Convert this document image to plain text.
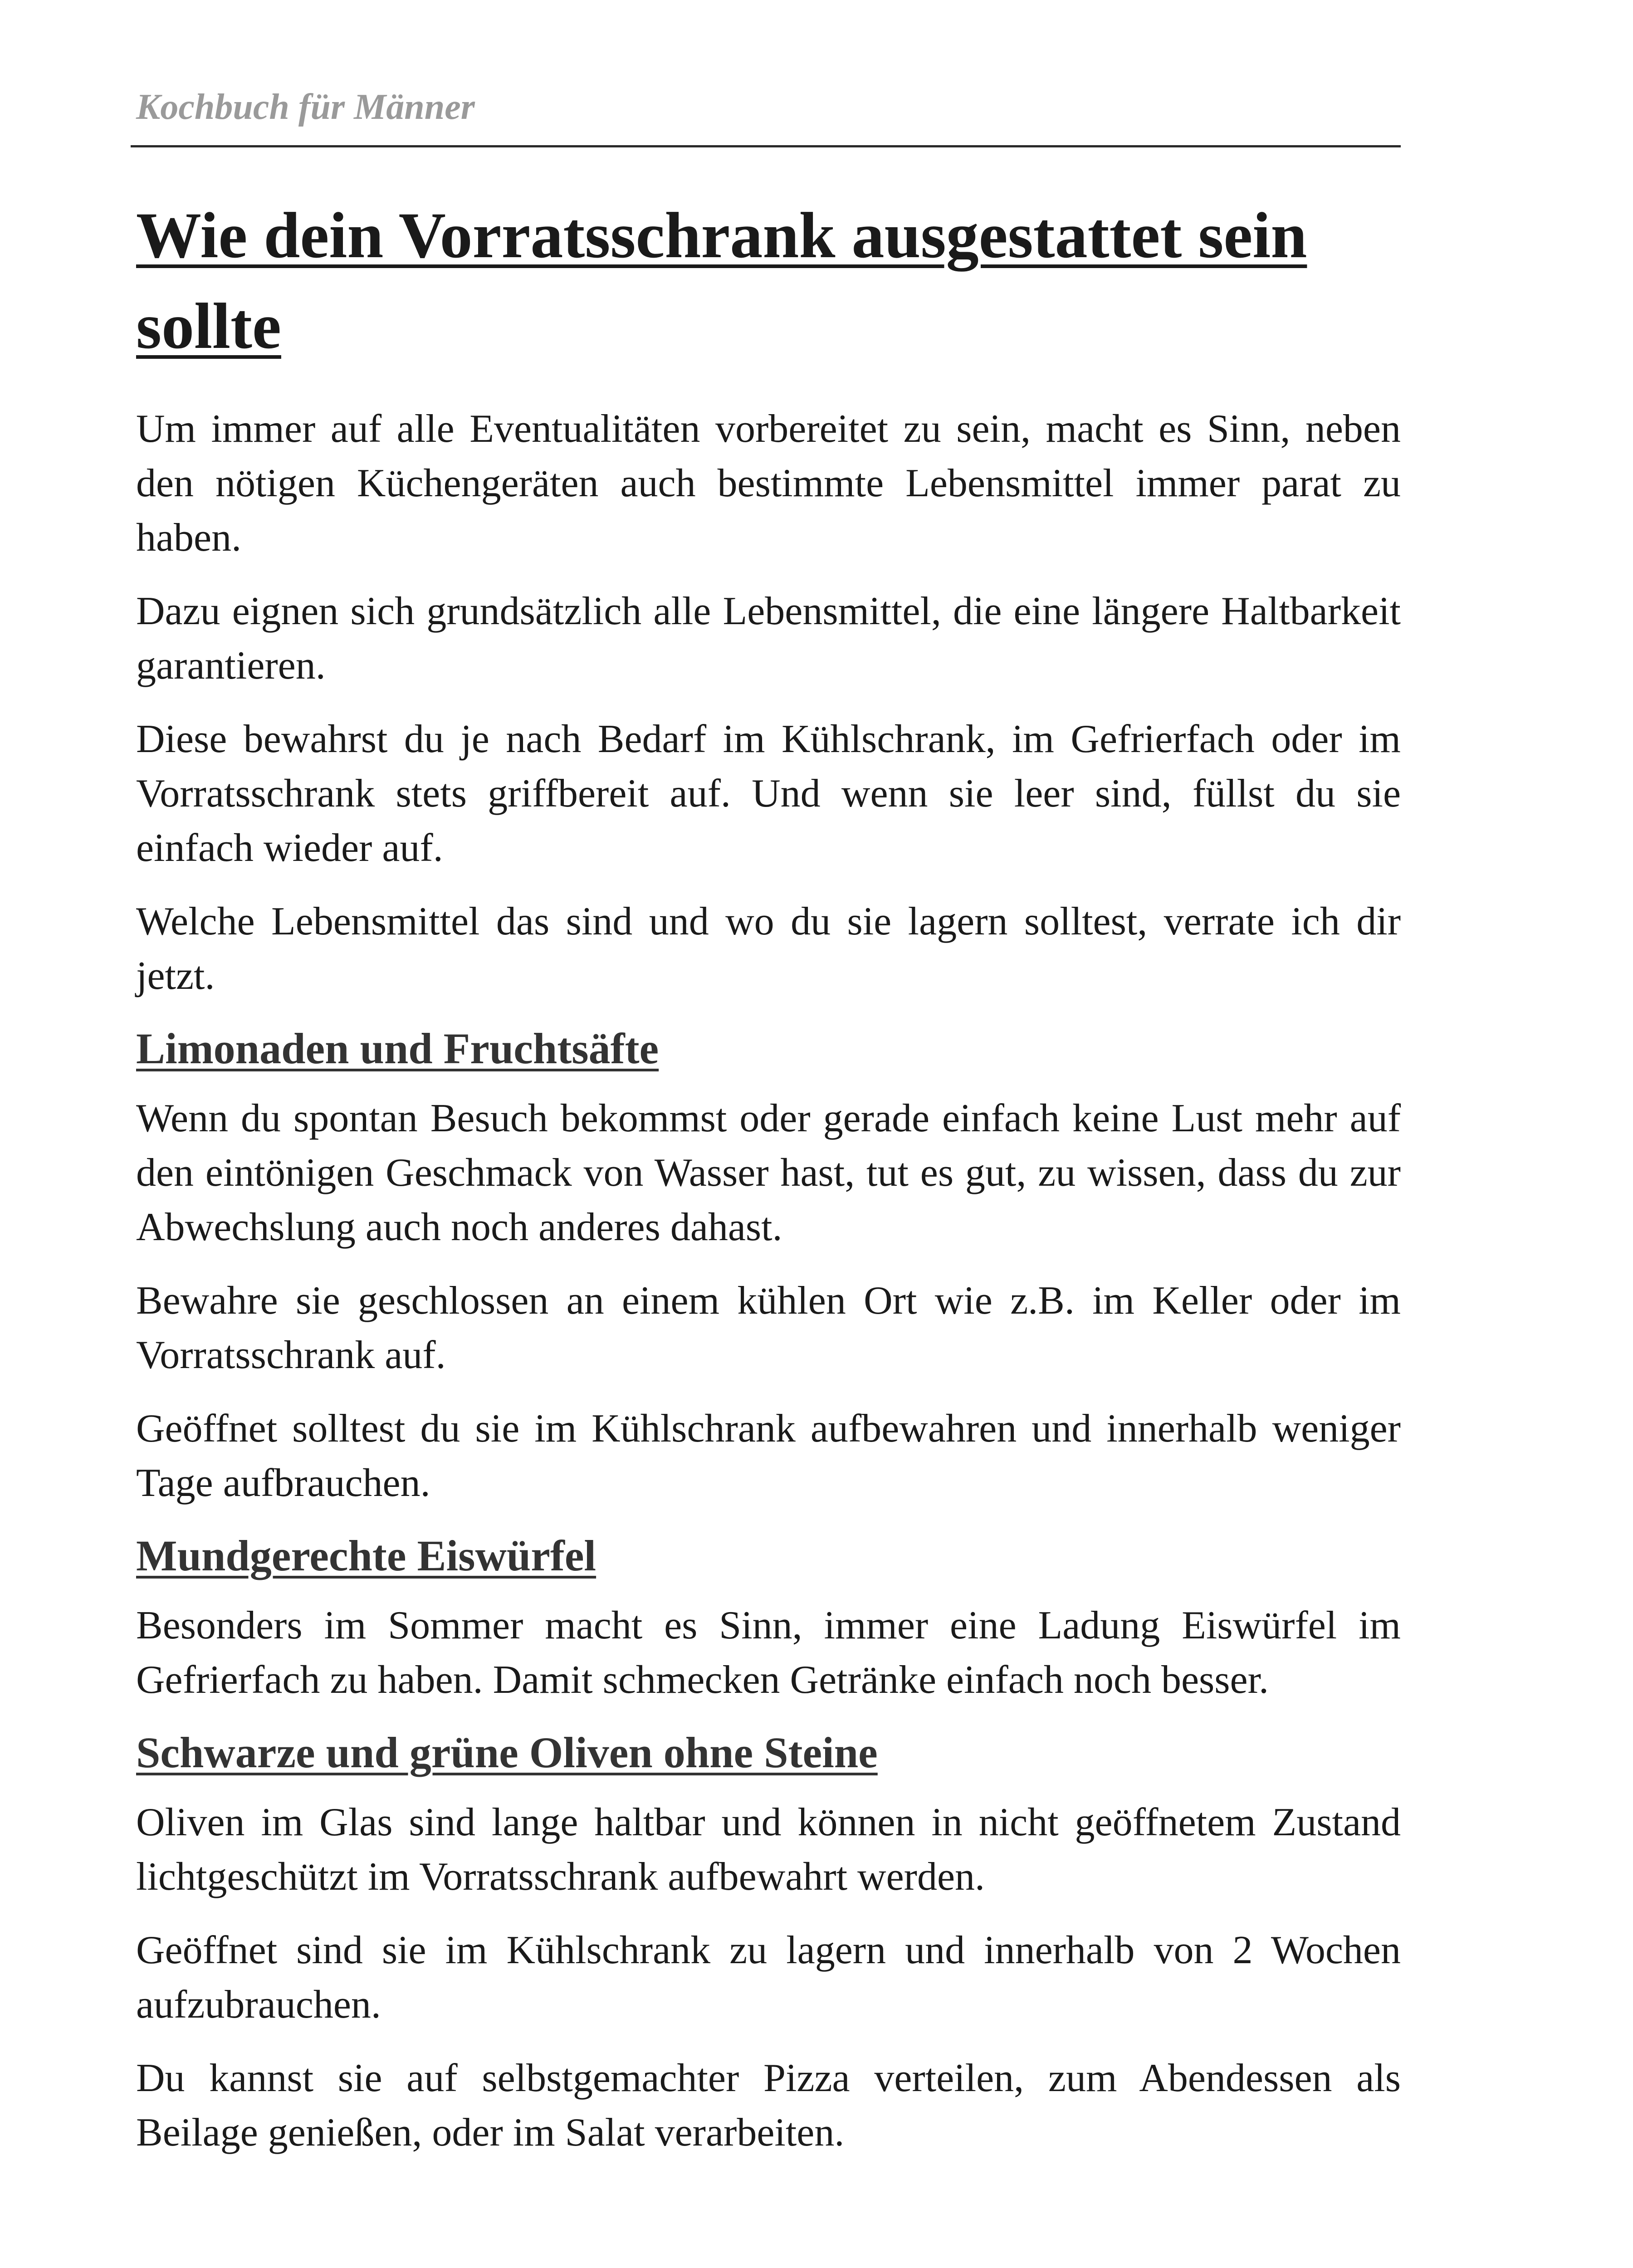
Kochbuch für Männer
Wie dein Vorratsschrank ausgestattet sein sollte

Um immer auf alle Eventualitäten vorbereitet zu sein, macht es Sinn, neben den nötigen Küchengeräten auch bestimmte Lebensmittel immer parat zu haben.

Dazu eignen sich grundsätzlich alle Lebensmittel, die eine längere Haltbarkeit garantieren.

Diese bewahrst du je nach Bedarf im Kühlschrank, im Gefrierfach oder im Vorratsschrank stets griffbereit auf. Und wenn sie leer sind, füllst du sie einfach wieder auf.

Welche Lebensmittel das sind und wo du sie lagern solltest, verrate ich dir jetzt.

Limonaden und Fruchtsäfte

Wenn du spontan Besuch bekommst oder gerade einfach keine Lust mehr auf den eintönigen Geschmack von Wasser hast, tut es gut, zu wissen, dass du zur Abwechslung auch noch anderes dahast.

Bewahre sie geschlossen an einem kühlen Ort wie z.B. im Keller oder im Vorratsschrank auf.

Geöffnet solltest du sie im Kühlschrank aufbewahren und innerhalb weniger Tage aufbrauchen.

Mundgerechte Eiswürfel

Besonders im Sommer macht es Sinn, immer eine Ladung Eiswürfel im Gefrierfach zu haben. Damit schmecken Getränke einfach noch besser.

Schwarze und grüne Oliven ohne Steine

Oliven im Glas sind lange haltbar und können in nicht geöffnetem Zustand lichtgeschützt im Vorratsschrank aufbewahrt werden.

Geöffnet sind sie im Kühlschrank zu lagern und innerhalb von 2 Wochen aufzubrauchen.

Du kannst sie auf selbstgemachter Pizza verteilen, zum Abendessen als Beilage genießen, oder im Salat verarbeiten.
